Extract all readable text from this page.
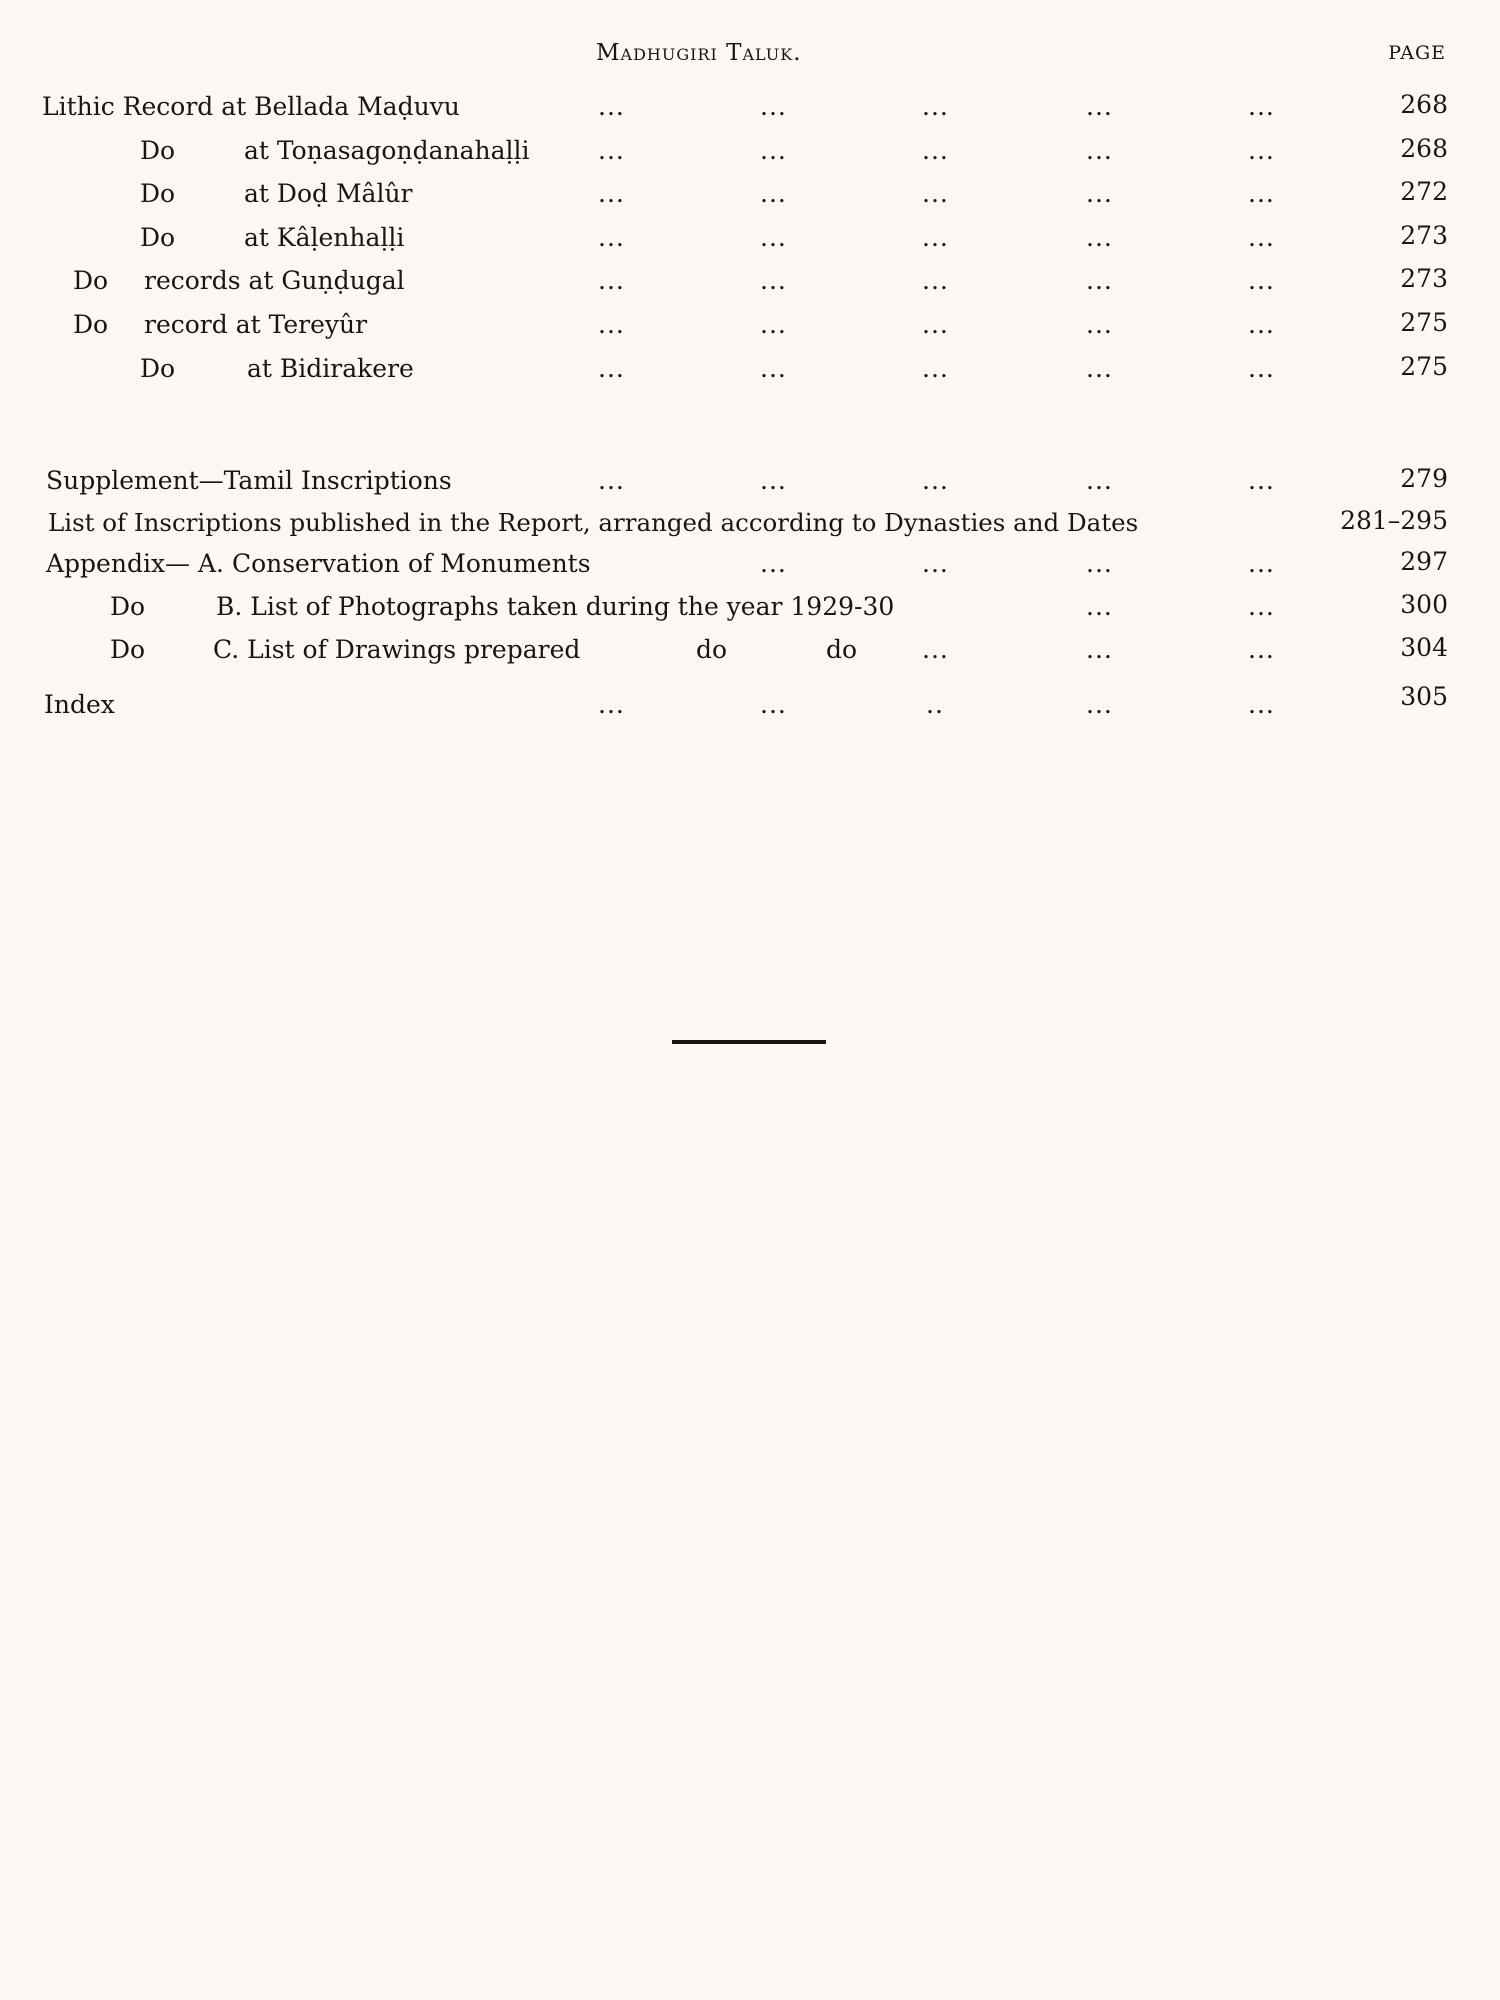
Madhugiri Taluk.	PAGE
Lithic Record at Bellada Maḍuvu	...	...	...	...	...	268
Do	at Toṇasagoṇḍanahaḷḷi	...	...	...	...	...	268
Do	at Doḍ Mâlûr	...	...	...	...	...	272
Do	at Kâḷenhaḷḷi	...	...	...	...	...	273
Do records at Guṇḍugal	...	...	...	...	...	273
Do record at Tereyûr	...	...	...	...	...	275
Do	at Bidirakere	...	...	...	...	...	275
Supplement—Tamil Inscriptions	...	...	...	...	...	279
List of Inscriptions published in the Report, arranged according to Dynasties and Dates	281–295
Appendix— A. Conservation of Monuments	...	...	...	...	297
Do	B. List of Photographs taken during the year 1929-30	...	...	300
Do	C. List of Drawings prepared	do	do	...	...	...	304
Index	...	...	..	...	...	305
